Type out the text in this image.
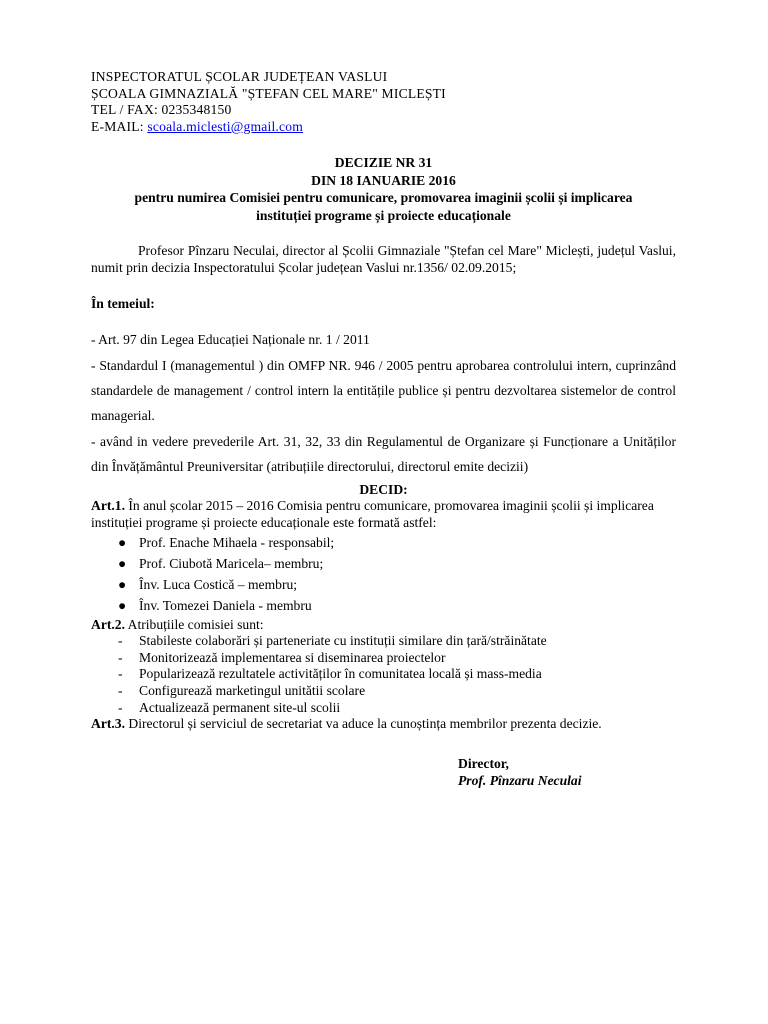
INSPECTORATUL ȘCOLAR JUDEȚEAN VASLUI
ȘCOALA GIMNAZIALĂ "ȘTEFAN CEL MARE" MICLEȘTI
TEL / FAX: 0235348150
E-MAIL: scoala.miclesti@gmail.com
DECIZIE NR 31
DIN 18 IANUARIE 2016
pentru numirea Comisiei pentru comunicare, promovarea imaginii școlii și implicarea
instituției programe și proiecte educaționale
Profesor Pînzaru Neculai, director al Școlii Gimnaziale "Ștefan cel Mare" Miclești, județul Vaslui, numit prin decizia Inspectoratului Școlar județean Vaslui nr.1356/ 02.09.2015;
În temeiul:
- Art. 97 din Legea Educației Naționale nr. 1 / 2011
- Standardul I (managementul ) din OMFP NR. 946 / 2005 pentru aprobarea controlului intern, cuprinzând standardele de management / control intern la entitățile publice și pentru dezvoltarea sistemelor de control managerial.
- având in vedere prevederile Art. 31, 32, 33 din Regulamentul de Organizare și Funcționare a Unităților din Învățământul Preuniversitar (atribuțiile directorului, directorul emite decizii)
DECID:
Art.1. În anul școlar 2015 – 2016 Comisia pentru comunicare, promovarea imaginii școlii și implicarea instituției programe și proiecte educaționale este formată astfel:
● Prof. Enache Mihaela - responsabil;
● Prof. Ciubotă Maricela– membru;
● Înv. Luca Costică – membru;
● Înv. Tomezei Daniela - membru
Art.2. Atribuțiile comisiei sunt:
- Stabileste colaborări și parteneriate cu instituții similare din țară/străinătate
- Monitorizează implementarea si diseminarea proiectelor
- Popularizează rezultatele activităților în comunitatea locală și mass-media
- Configurează marketingul unitătii scolare
- Actualizează permanent site-ul scolii
Art.3. Directorul și serviciul de secretariat va aduce la cunoștința membrilor prezenta decizie.
Director,
Prof. Pînzaru Neculai
